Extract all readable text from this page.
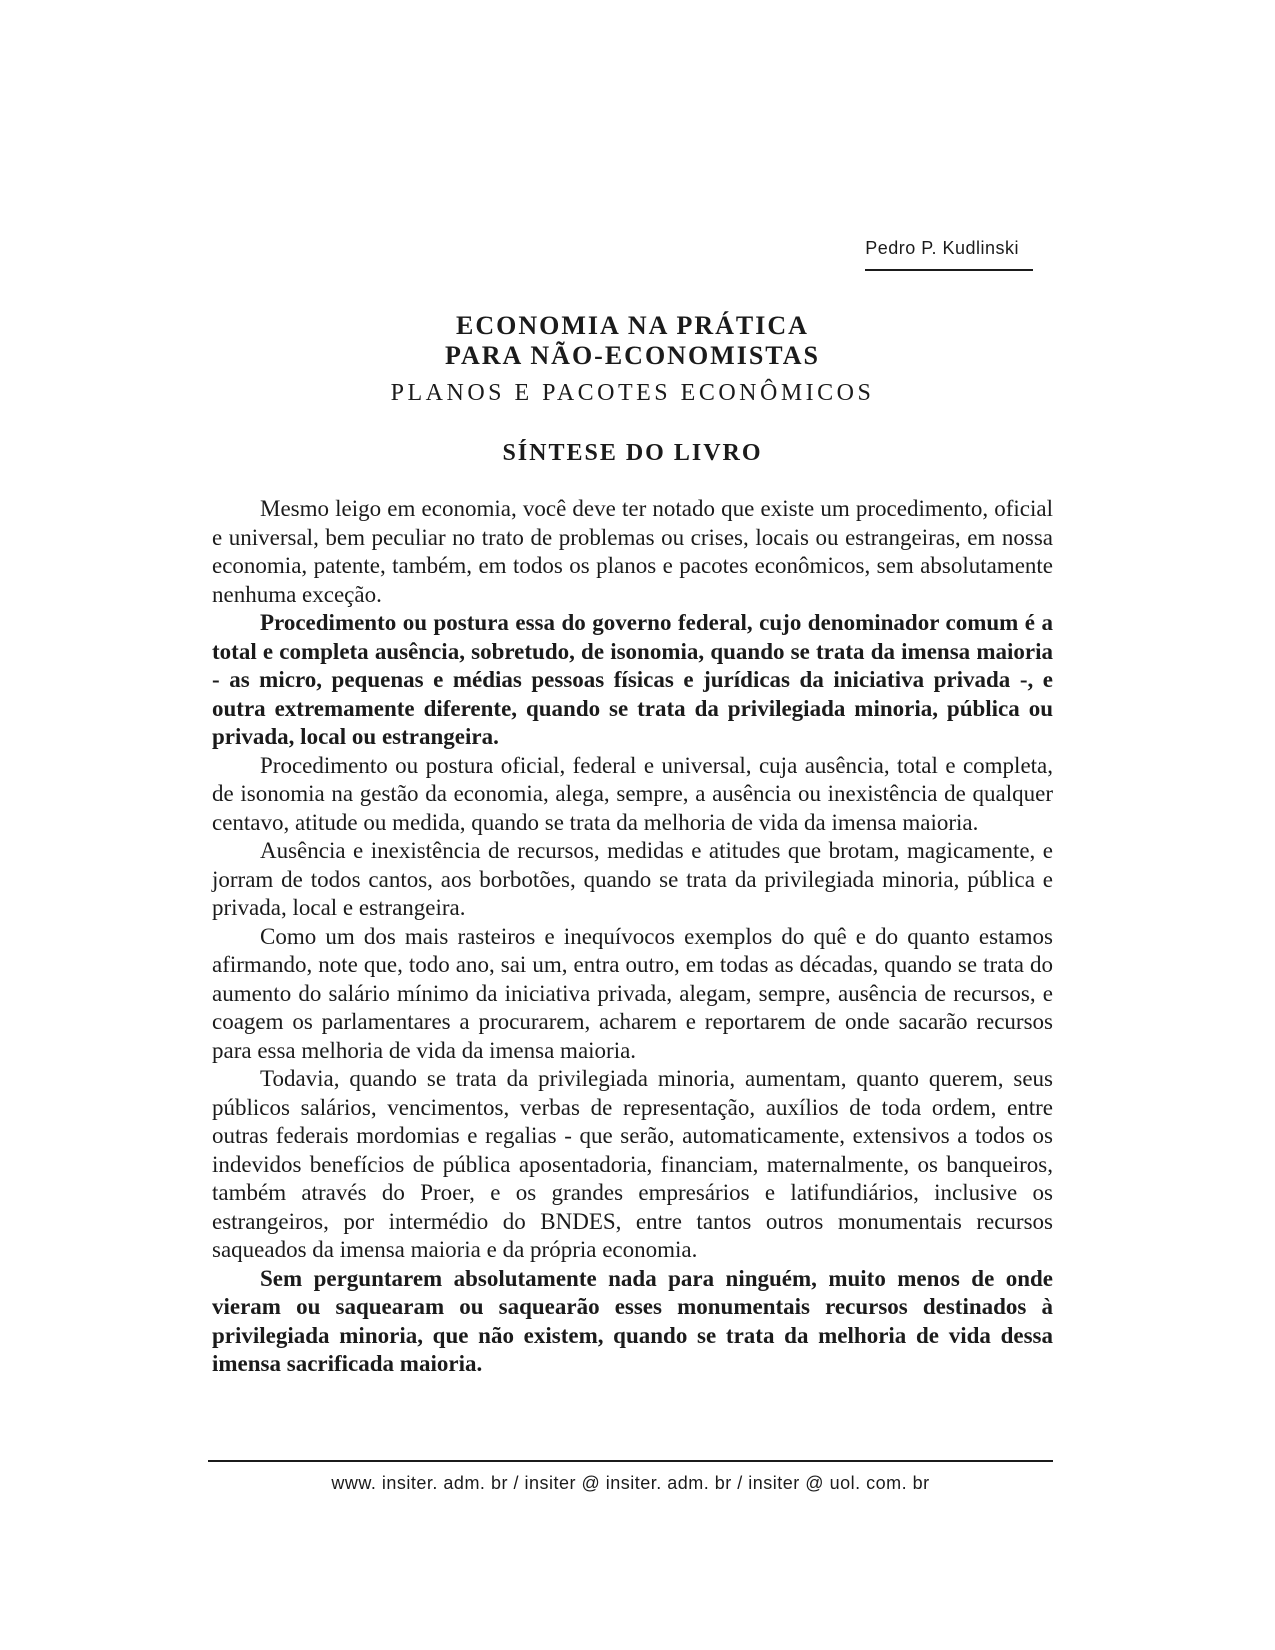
Pedro P. Kudlinski
ECONOMIA NA PRÁTICA
PARA NÃO-ECONOMISTAS
PLANOS E PACOTES ECONÔMICOS
SÍNTESE DO LIVRO

Mesmo leigo em economia, você deve ter notado que existe um procedimento, oficial e universal, bem peculiar no trato de problemas ou crises, locais ou estrangeiras, em nossa economia, patente, também, em todos os planos e pacotes econômicos, sem absolutamente nenhuma exceção.

Procedimento ou postura essa do governo federal, cujo denominador comum é a total e completa ausência, sobretudo, de isonomia, quando se trata da imensa maioria - as micro, pequenas e médias pessoas físicas e jurídicas da iniciativa privada -, e outra extremamente diferente, quando se trata da privilegiada minoria, pública ou privada, local ou estrangeira.

Procedimento ou postura oficial, federal e universal, cuja ausência, total e completa, de isonomia na gestão da economia, alega, sempre, a ausência ou inexistência de qualquer centavo, atitude ou medida, quando se trata da melhoria de vida da imensa maioria.

Ausência e inexistência de recursos, medidas e atitudes que brotam, magicamente, e jorram de todos cantos, aos borbotões, quando se trata da privilegiada minoria, pública e privada, local e estrangeira.

Como um dos mais rasteiros e inequívocos exemplos do quê e do quanto estamos afirmando, note que, todo ano, sai um, entra outro, em todas as décadas, quando se trata do aumento do salário mínimo da iniciativa privada, alegam, sempre, ausência de recursos, e coagem os parlamentares a procurarem, acharem e reportarem de onde sacarão recursos para essa melhoria de vida da imensa maioria.

Todavia, quando se trata da privilegiada minoria, aumentam, quanto querem, seus públicos salários, vencimentos, verbas de representação, auxílios de toda ordem, entre outras federais mordomias e regalias - que serão, automaticamente, extensivos a todos os indevidos benefícios de pública aposentadoria, financiam, maternalmente, os banqueiros, também através do Proer, e os grandes empresários e latifundiários, inclusive os estrangeiros, por intermédio do BNDES, entre tantos outros monumentais recursos saqueados da imensa maioria e da própria economia.

Sem perguntarem absolutamente nada para ninguém, muito menos de onde vieram ou saquearam ou saquearão esses monumentais recursos destinados à privilegiada minoria, que não existem, quando se trata da melhoria de vida dessa imensa sacrificada maioria.

www. insiter. adm. br / insiter @ insiter. adm. br / insiter @ uol. com. br
